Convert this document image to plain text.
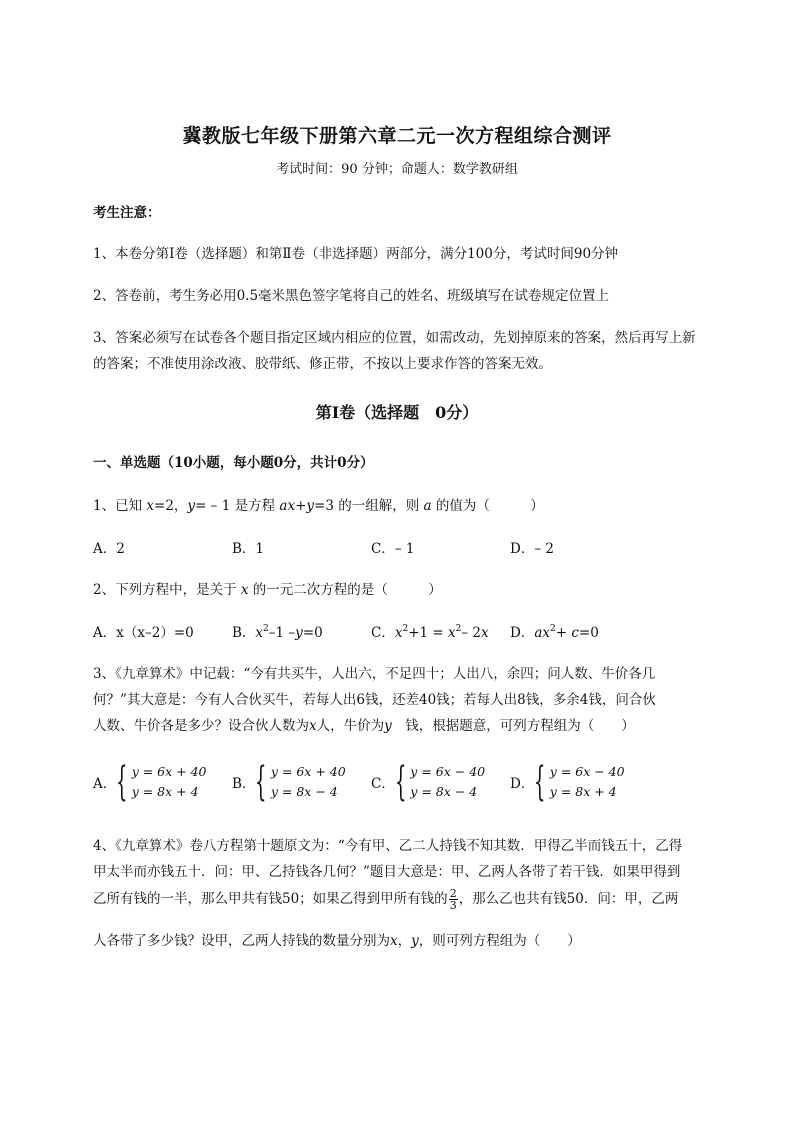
冀教版七年级下册第六章二元一次方程组综合测评
考试时间：90 分钟；命题人：数学教研组
考生注意：
1、本卷分第Ⅰ卷（选择题）和第Ⅱ卷（非选择题）两部分，满分100分，考试时间90分钟
2、答卷前，考生务必用0.5毫米黑色签字笔将自己的姓名、班级填写在试卷规定位置上
3、答案必须写在试卷各个题目指定区域内相应的位置，如需改动，先划掉原来的答案，然后再写上新
的答案；不准使用涂改液、胶带纸、修正带，不按以上要求作答的答案无效。
第Ⅰ卷（选择题　0分）
一、单选题（10小题，每小题0分，共计0分）
1、已知 x=2，y= – 1 是方程 ax+y=3 的一组解，则 a 的值为（　　　）
A．2	B．1	C．– 1	D．– 2
2、下列方程中，是关于 x 的一元二次方程的是（　　　）
A．x（x–2）=0	B．$x^2-1$ –y=0	C．$x^2+1 = x^2-$ 2x D．$ax^2+ c=0$
3、《九章算术》中记载：“今有共买牛，人出六，不足四十；人出八，余四；问人数、牛价各几
何？”其大意是：今有人合伙买牛，若每人出6钱，还差40钱；若每人出8钱，多余4钱，问合伙
人数、牛价各是多少？设合伙人数为x人，牛价为y　钱，根据题意，可列方程组为（　　）
A． { y = 6x + 40
y = 8x + 4	B． { y = 6x + 40
y = 8x − 4	C． { y = 6x − 40
y = 8x − 4	D． { y = 6x − 40
y = 8x + 4
4、《九章算术》卷八方程第十题原文为：“今有甲、乙二人持钱不知其数．甲得乙半而钱五十，乙得
甲太半而亦钱五十．问：甲、乙持钱各几何？”题目大意是：甲、乙两人各带了若干钱．如果甲得到
乙所有钱的一半，那么甲共有钱50；如果乙得到甲所有钱的 $\frac{2}{3}$ ，那么乙也共有钱50．问：甲，乙两
人各带了多少钱？设甲，乙两人持钱的数量分别为x，y，则可列方程组为（　　）
